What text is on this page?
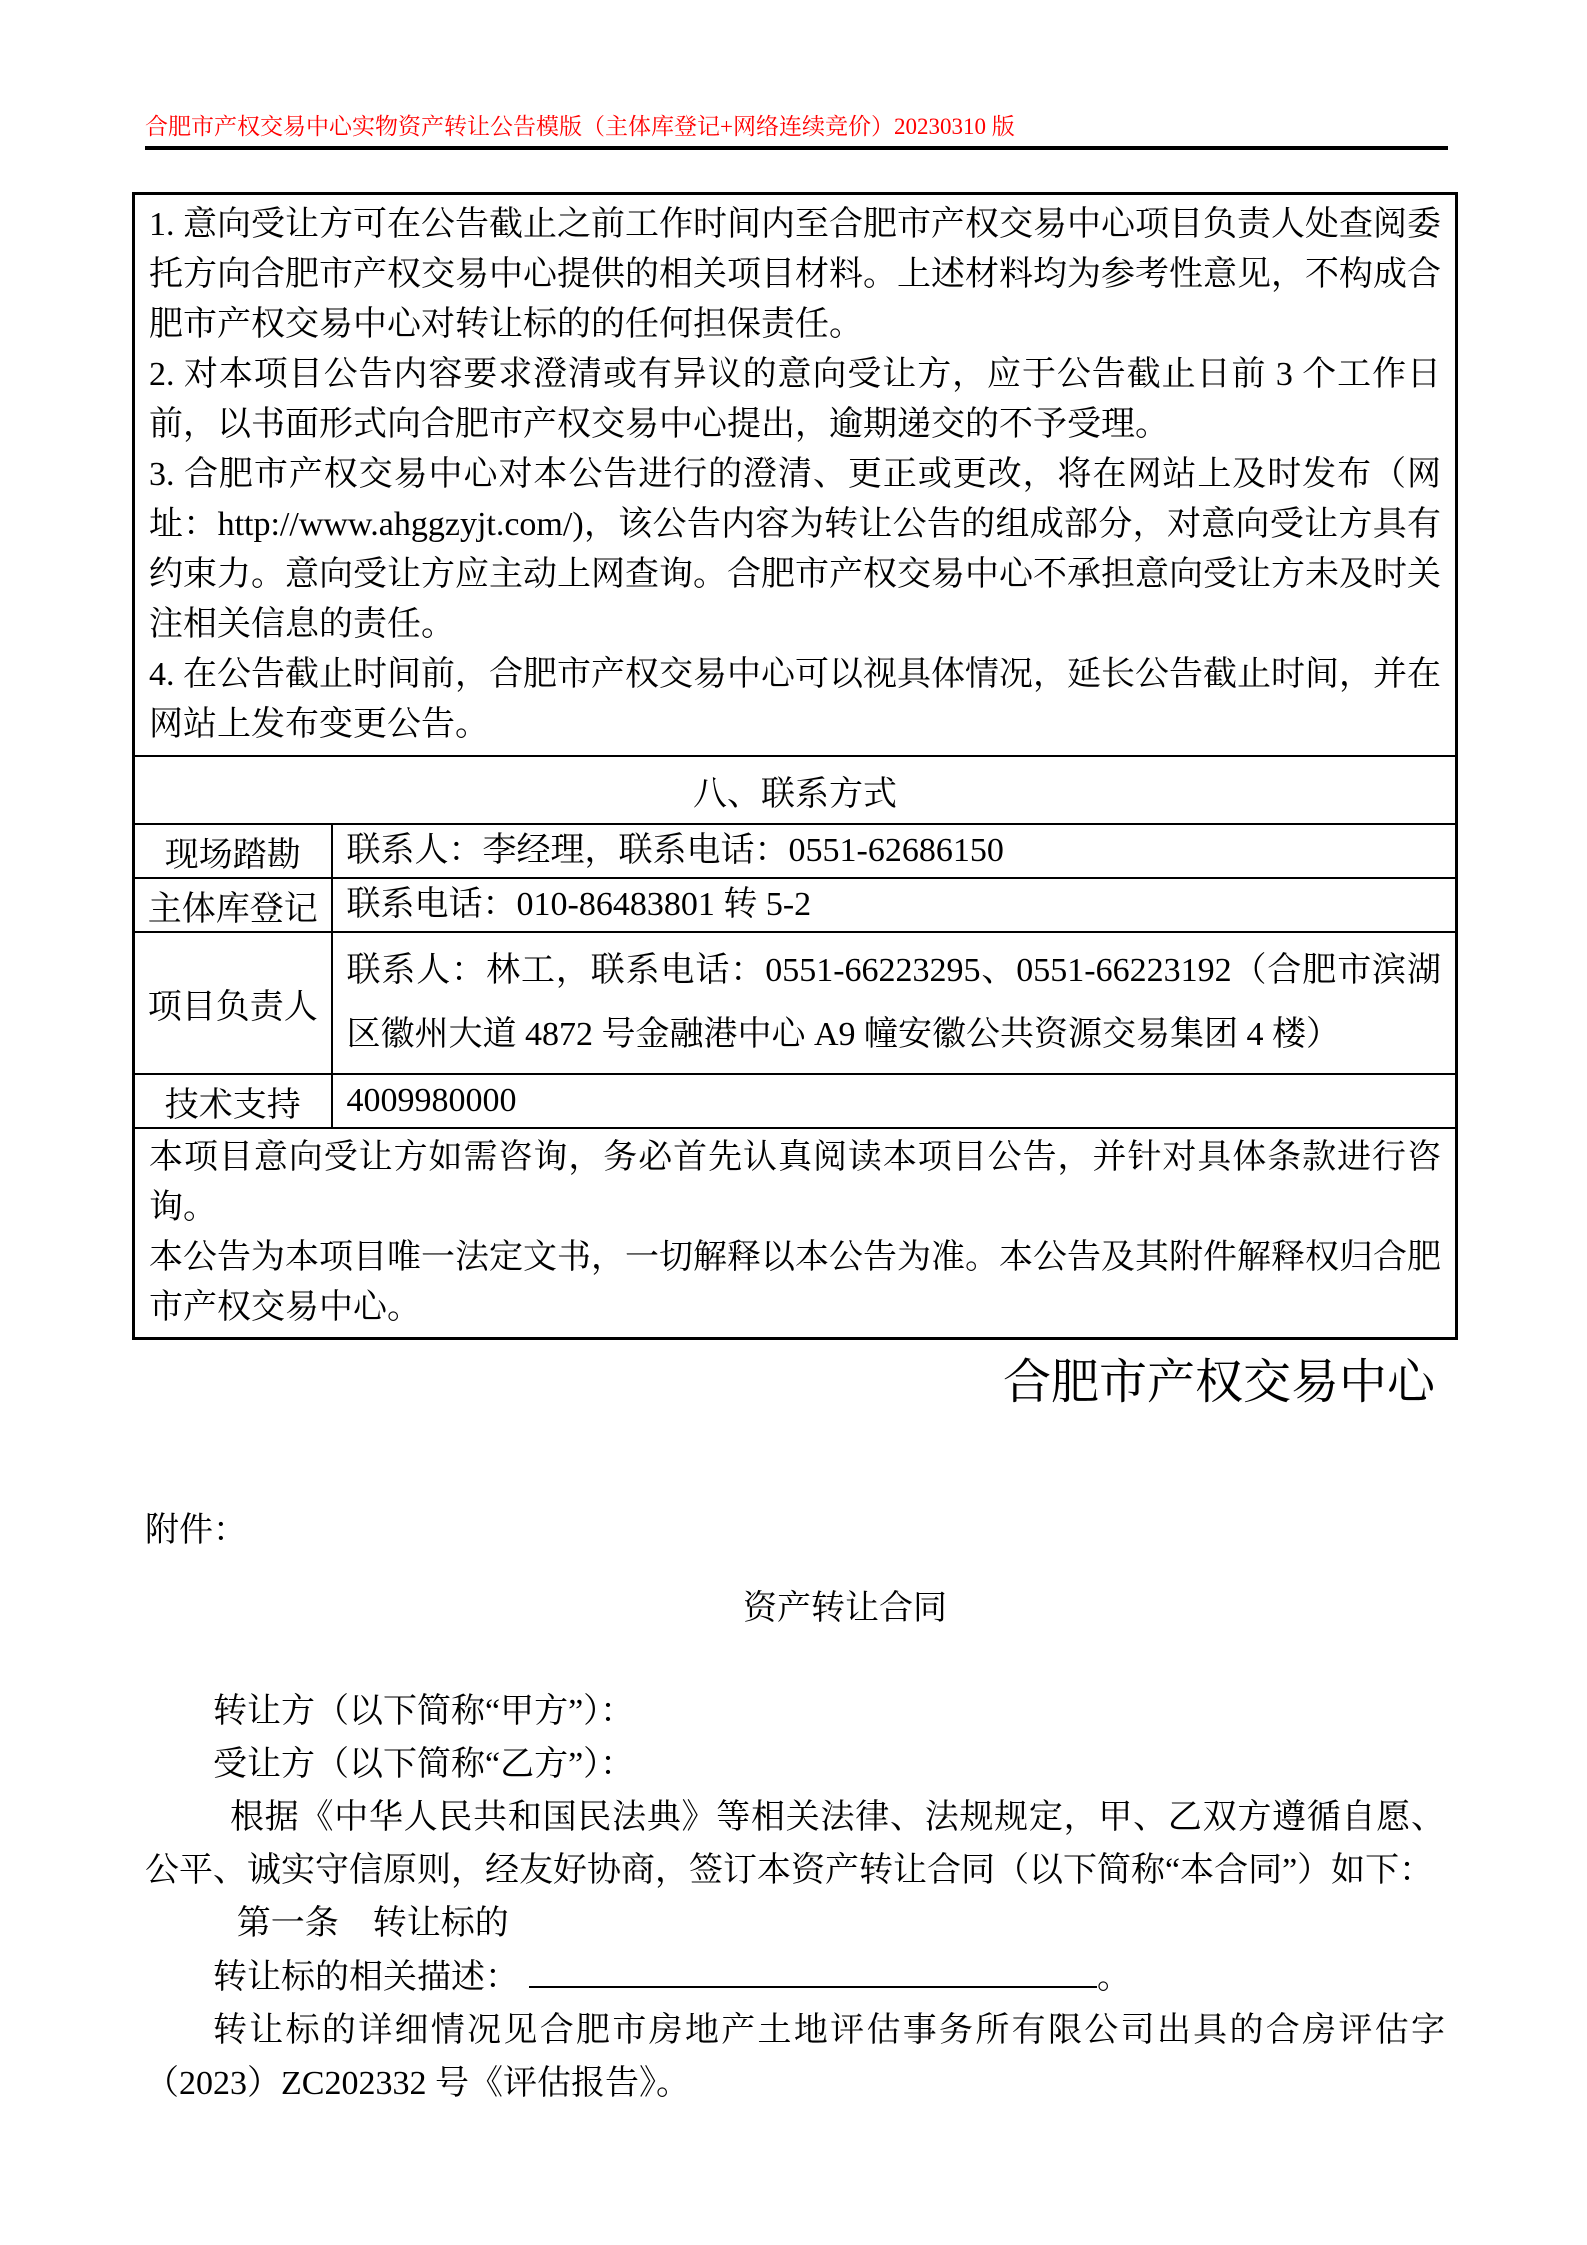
合肥市产权交易中心实物资产转让公告模版（主体库登记+网络连续竞价）20230310 版

1. 意向受让方可在公告截止之前工作时间内至合肥市产权交易中心项目负责人处查阅委托方向合肥市产权交易中心提供的相关项目材料。上述材料均为参考性意见，不构成合肥市产权交易中心对转让标的的任何担保责任。

2. 对本项目公告内容要求澄清或有异议的意向受让方，应于公告截止日前 3 个工作日前，以书面形式向合肥市产权交易中心提出，逾期递交的不予受理。

3. 合肥市产权交易中心对本公告进行的澄清、更正或更改，将在网站上及时发布（网址：http://www.ahggzyjt.com/)，该公告内容为转让公告的组成部分，对意向受让方具有约束力。意向受让方应主动上网查询。合肥市产权交易中心不承担意向受让方未及时关注相关信息的责任。

4. 在公告截止时间前，合肥市产权交易中心可以视具体情况，延长公告截止时间，并在网站上发布变更公告。	

八、联系方式	
现场踏勘	联系人：李经理，联系电话：0551-62686150
主体库登记	联系电话：010-86483801 转 5-2
项目负责人	联系人：林工，联系电话：0551-66223295、0551-66223192（合肥市滨湖区徽州大道 4872 号金融港中心 A9 幢安徽公共资源交易集团 4 楼）
技术支持	4009980000

本项目意向受让方如需咨询，务必首先认真阅读本项目公告，并针对具体条款进行咨询。

本公告为本项目唯一法定文书，一切解释以本公告为准。本公告及其附件解释权归合肥市产权交易中心。	

合肥市产权交易中心
附件：
资产转让合同

转让方（以下简称“甲方”）：

受让方（以下简称“乙方”）：

根据《中华人民共和国民法典》等相关法律、法规规定，甲、乙双方遵循自愿、公平、诚实守信原则，经友好协商，签订本资产转让合同（以下简称“本合同”）如下：

第一条　转让标的

转让标的相关描述：	。

转让标的详细情况见合肥市房地产土地评估事务所有限公司出具的合房评估字（2023）ZC202332 号《评估报告》。
